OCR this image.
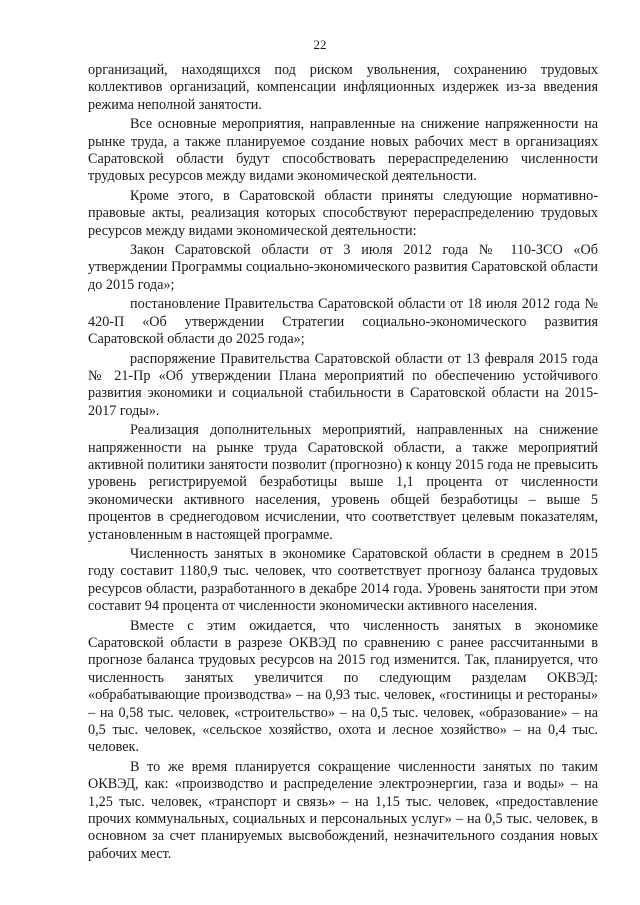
22

организаций, находящихся под риском увольнения, сохранению трудовых коллективов организаций, компенсации инфляционных издержек из-за введения режима неполной занятости.

Все основные мероприятия, направленные на снижение напряженности на рынке труда, а также планируемое создание новых рабочих мест в организациях Саратовской области будут способствовать перераспределению численности трудовых ресурсов между видами экономической деятельности.

Кроме этого, в Саратовской области приняты следующие нормативно-правовые акты, реализация которых способствуют перераспределению трудовых ресурсов между видами экономической деятельности:

Закон Саратовской области от 3 июля 2012 года № 110-ЗСО «Об утверждении Программы социально-экономического развития Саратовской области до 2015 года»;

постановление Правительства Саратовской области от 18 июля 2012 года № 420-П «Об утверждении Стратегии социально-экономического развития Саратовской области до 2025 года»;

распоряжение Правительства Саратовской области от 13 февраля 2015 года № 21-Пр «Об утверждении Плана мероприятий по обеспечению устойчивого развития экономики и социальной стабильности в Саратовской области на 2015-2017 годы».

Реализация дополнительных мероприятий, направленных на снижение напряженности на рынке труда Саратовской области, а также мероприятий активной политики занятости позволит (прогнозно) к концу 2015 года не превысить уровень регистрируемой безработицы выше 1,1 процента от численности экономически активного населения, уровень общей безработицы – выше 5 процентов в среднегодовом исчислении, что соответствует целевым показателям, установленным в настоящей программе.

Численность занятых в экономике Саратовской области в среднем в 2015 году составит 1180,9 тыс. человек, что соответствует прогнозу баланса трудовых ресурсов области, разработанного в декабре 2014 года. Уровень занятости при этом составит 94 процента от численности экономически активного населения.

Вместе с этим ожидается, что численность занятых в экономике Саратовской области в разрезе ОКВЭД по сравнению с ранее рассчитанными в прогнозе баланса трудовых ресурсов на 2015 год изменится. Так, планируется, что численность занятых увеличится по следующим разделам ОКВЭД: «обрабатывающие производства» – на 0,93 тыс. человек, «гостиницы и рестораны» – на 0,58 тыс. человек, «строительство» – на 0,5 тыс. человек, «образование» – на 0,5 тыс. человек, «сельское хозяйство, охота и лесное хозяйство» – на 0,4 тыс. человек.

В то же время планируется сокращение численности занятых по таким ОКВЭД, как: «производство и распределение электроэнергии, газа и воды» – на 1,25 тыс. человек, «транспорт и связь» – на 1,15 тыс. человек, «предоставление прочих коммунальных, социальных и персональных услуг» – на 0,5 тыс. человек, в основном за счет планируемых высвобождений, незначительного создания новых рабочих мест.
